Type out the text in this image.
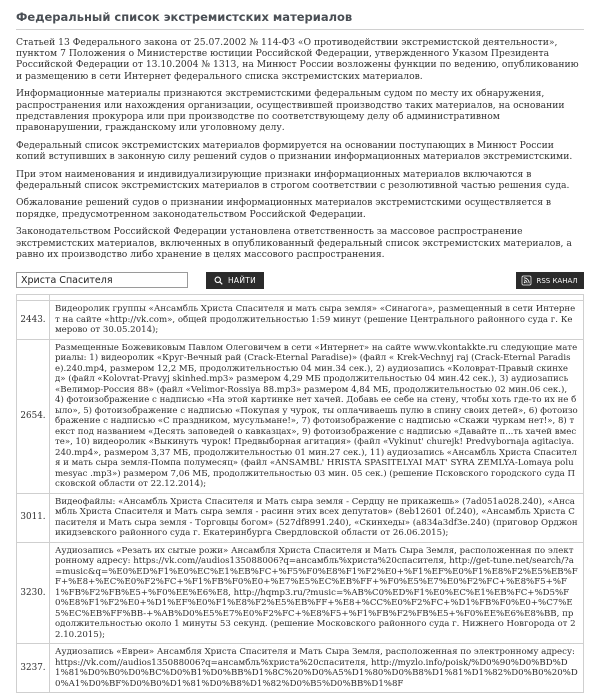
Федеральный список экстремистских материалов

Статьей 13 Федерального закона от 25.07.2002 № 114-ФЗ «О противодействии экстремистской деятельности», пунктом 7 Положения о Министерстве юстиции Российской Федерации, утвержденного Указом Президента Российской Федерации от 13.10.2004 № 1313, на Минюст России возложены функции по ведению, опубликованию и размещению в сети Интернет федерального списка экстремистских материалов.

Информационные материалы признаются экстремистскими федеральным судом по месту их обнаружения, распространения или нахождения организации, осуществившей производство таких материалов, на основании представления прокурора или при производстве по соответствующему делу об административном правонарушении, гражданскому или уголовному делу.

Федеральный список экстремистских материалов формируется на основании поступающих в Минюст России копий вступивших в законную силу решений судов о признании информационных материалов экстремистскими.

При этом наименования и индивидуализирующие признаки информационных материалов включаются в федеральный список экстремистских материалов в строгом соответствии с резолютивной частью решения суда.

Обжалование решений судов о признании информационных материалов экстремистскими осуществляется в порядке, предусмотренном законодательством Российской Федерации.

Законодательством Российской Федерации установлена ответственность за массовое распространение экстремистских материалов, включенных в опубликованный федеральный список экстремистских материалов, а равно их производство либо хранение в целях массового распространения.

Христа Спасителя
НАЙТИ	RSS КАНАЛ

2443.	Видеоролик группы «Ансамбль Христа Спасителя и мать сыра земля» «Синагога», размещенный в сети Интернет на сайте «http://vk.com», общей продолжительностью 1:59 минут (решение Центрального районного суда г. Кемерово от 30.05.2014);
2654.	Размещенные Божевиковым Павлом Олеговичем в сети «Интернет» на сайте www.vkontakkte.ru следующие материалы: 1) видеоролик «Круг-Вечный рай (Crack-Eternal Paradise)» (файл « Krek-Vechnyj raj (Crack-Eternal Paradise).240.mp4, размером 12,2 МБ, продолжительностью 04 мин.34 сек.), 2) аудиозапись «Коловрат-Правый скинхед» (файл «Kolovrat-Pravyj skinhed.mp3» размером 4,29 МБ продолжительностью 04 мин.42 сек.), 3) аудиозапись «Велимор-Россия 88» (файл «Velimor-Rossiya 88.mp3» размером 4,84 МБ, продолжительностью 02 мин.06 сек.), 4) фотоизображение с надписью «На этой картинке нет хачей. Добавь ее себе на стену, чтобы хоть где-то их не было», 5) фотоизображение с надписью «Покупая у чурок, ты оплачиваешь пулю в спину своих детей», 6) фотоизображение с надписью «С праздником, мусульмане!», 7) фотоизображение с надписью «Скажи чуркам нет!», 8) текст под названием «Десять заповедей о кавказцах», 9) фотоизображение с надписью «Давайте п...ть хачей вместе», 10) видеоролик «Выкинуть чурок! Предвыборная агитация» (файл «Vykinut' churejk! Predvybornaja agitaciya.240.mp4», размером 3,37 МБ, продолжительностью 01 мин.27 сек.), 11) аудиозапись «Ансамбль Христа Спасителя и мать сыра земля-Помпа полумесяц» (файл «ANSAMBL' HRISTA SPASITELYAI MAT' SYRA ZEMLYA-Lomaya polumesyac .mp3») размером 7,06 МБ, продолжительностью 03 мин. 05 сек.) (решение Псковского городского суда Псковской области от 22.12.2014);
3011.	Видеофайлы: «Ансамбль Христа Спасителя и Мать сыра земля - Сердцу не прикажешь» (7ad051a028.240), «Ансамбль Христа Спасителя и Мать сыра земля - расинн этих всех депутатов» (8eb12601 0f.240), «Ансамбль Христа Спасителя и Мать сыра земля - Торговцы богом» (527df8991.240), «Скинхеды» (a834a3df3e.240) (приговор Орджоникидзевского районного суда г. Екатеринбурга Свердловской области от 26.06.2015);
3230.	Аудиозапись «Резать их сытые рожи» Ансамбля Христа Спасителя и Мать Сыра Земля, расположенная по электронному адресу: https://vk.com//audios135088006?q=ансамбль%христа%20спасителя, http://get-tune.net/search/?a=music&q=%E0%ED%F1%E0%EC%E1%EB%FC+%F5%F0%E8%F1%F2%E0+%F1%EF%E0%F1%E8%F2%E5%EB%FF+%E8+%EC%E0%F2%FC+%F1%FB%F0%E0+%E7%E5%EC%EB%FF+%F0%E5%E7%E0%F2%FC+%E8%F5+%F1%FB%F2%FB%E5+%F0%EE%E6%E8, http://hqmp3.ru/?music=%AB%C0%ED%F1%E0%EC%E1%EB%FC+%D5%F0%E8%F1%F2%E0+%D1%EF%E0%F1%E8%F2%E5%EB%FF+%E8+%CC%E0%F2%FC+%D1%FB%F0%E0+%C7%E5%EC%EB%FF%BB-+%AB%D0%E5%E7%E0%F2%FC+%E8%F5+%F1%FB%F2%FB%E5+%F0%EE%E6%E8%BB, продолжительностью около 1 минуты 53 секунд. (решение Московского районного суда г. Нижнего Новгорода от 22.10.2015);
3237.	Аудиозапись «Евреи» Ансамбля Христа Спасителя и Мать Сыра Земля, расположенная по электронному адресу: https://vk.com//audios135088006?q=ансамбль%христа%20спасителя, http://myzlo.info/poisk/%D0%90%D0%BD%D1%81%D0%B0%D0%BC%D0%B1%D0%BB%D1%8C%20%D0%A5%D1%80%D0%B8%D1%81%D1%82%D0%B0%20%D0%A1%D0%BF%D0%B0%D1%81%D0%B8%D1%82%D0%B5%D0%BB%D1%8F
